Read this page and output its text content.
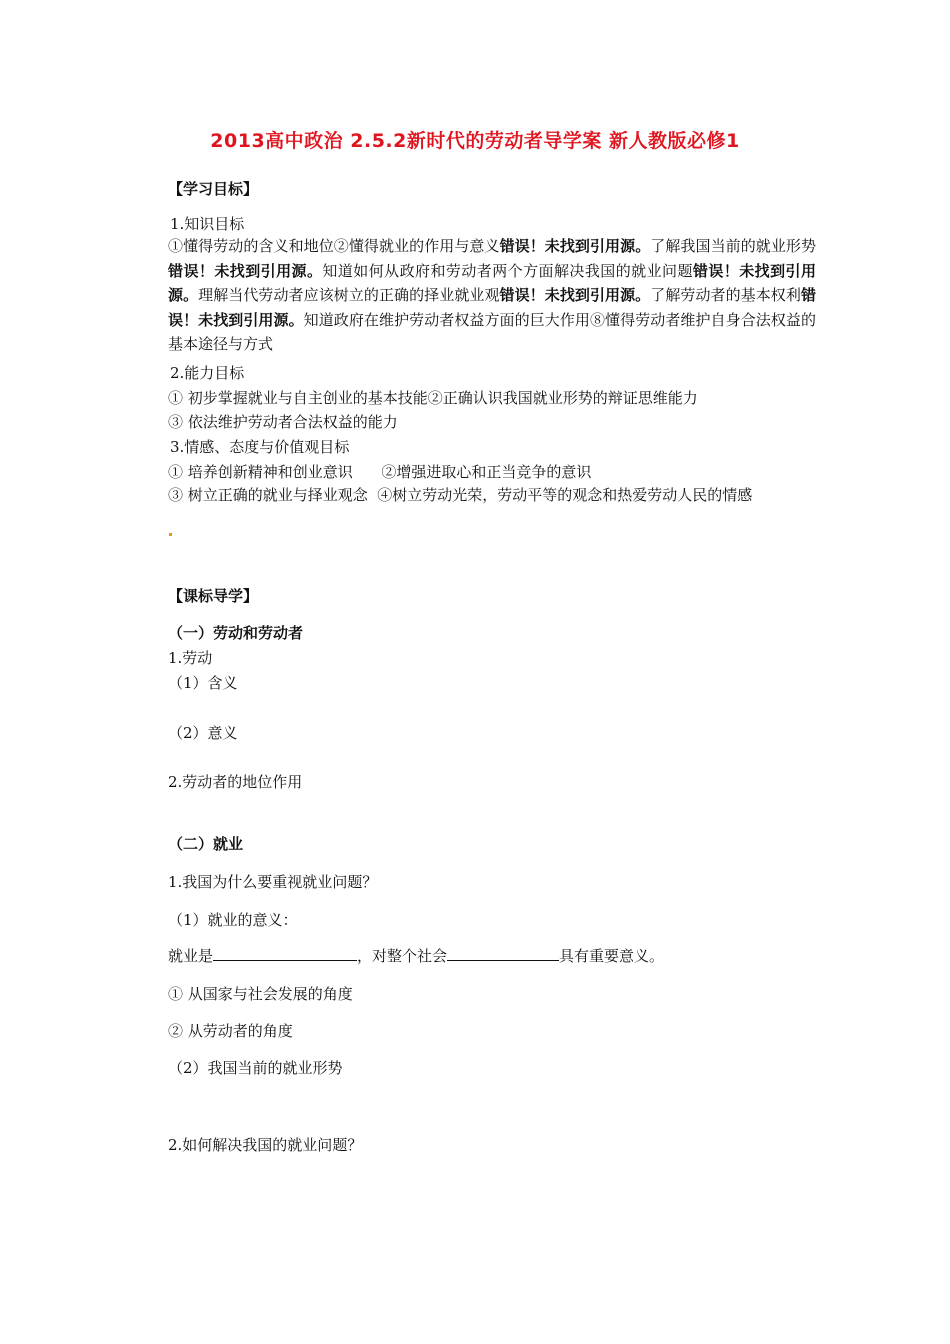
2013高中政治 2.5.2新时代的劳动者导学案 新人教版必修1
【学习目标】
1.知识目标
①懂得劳动的含义和地位②懂得就业的作用与意义错误！未找到引用源。了解我国当前的就业形势错误！未找到引用源。知道如何从政府和劳动者两个方面解决我国的就业问题错误！未找到引用源。理解当代劳动者应该树立的正确的择业就业观错误！未找到引用源。了解劳动者的基本权利错误！未找到引用源。知道政府在维护劳动者权益方面的巨大作用⑧懂得劳动者维护自身合法权益的基本途径与方式
2.能力目标
① 初步掌握就业与自主创业的基本技能②正确认识我国就业形势的辩证思维能力
③ 依法维护劳动者合法权益的能力
3.情感、态度与价值观目标
① 培养创新精神和创业意识      ②增强进取心和正当竞争的意识
③ 树立正确的就业与择业观念  ④树立劳动光荣，劳动平等的观念和热爱劳动人民的情感
【课标导学】
（一）劳动和劳动者
1.劳动
（1）含义
（2）意义
2.劳动者的地位作用
（二）就业
1.我国为什么要重视就业问题？
（1）就业的意义：
就业是	，对整个社会	具有重要意义。
① 从国家与社会发展的角度
② 从劳动者的角度
（2）我国当前的就业形势
2.如何解决我国的就业问题？
